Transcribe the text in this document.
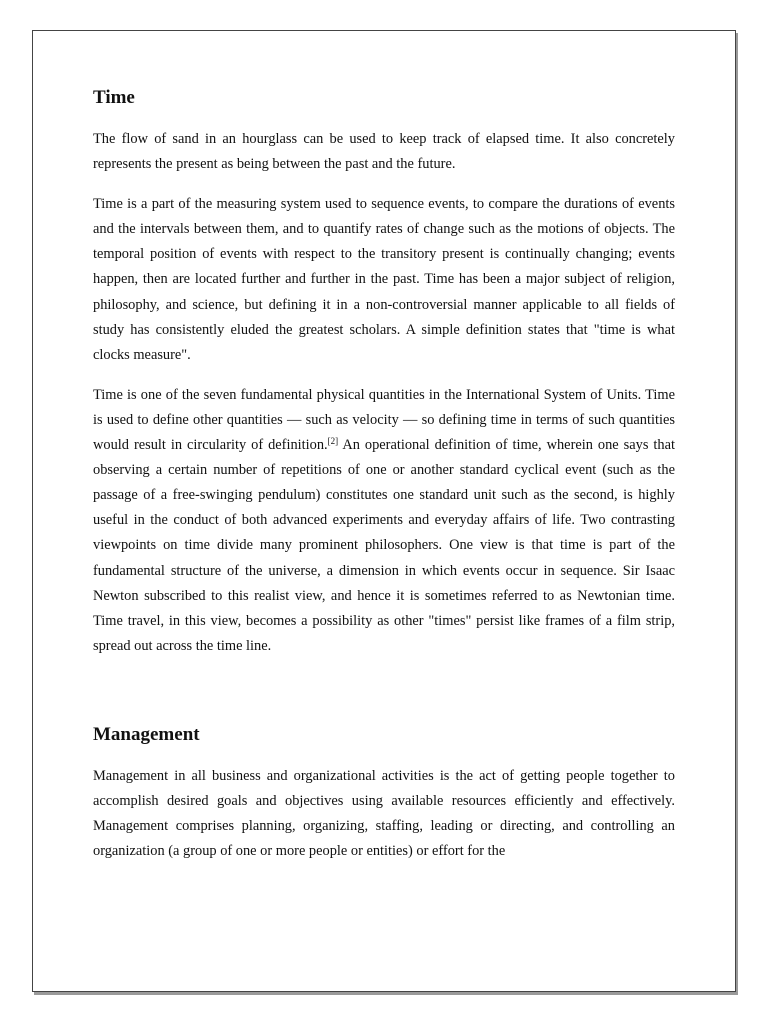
Time

The flow of sand in an hourglass can be used to keep track of elapsed time. It also concretely represents the present as being between the past and the future.

Time is a part of the measuring system used to sequence events, to compare the durations of events and the intervals between them, and to quantify rates of change such as the motions of objects. The temporal position of events with respect to the transitory present is continually changing; events happen, then are located further and further in the past. Time has been a major subject of religion, philosophy, and science, but defining it in a non-controversial manner applicable to all fields of study has consistently eluded the greatest scholars. A simple definition states that "time is what clocks measure".

Time is one of the seven fundamental physical quantities in the International System of Units. Time is used to define other quantities — such as velocity — so defining time in terms of such quantities would result in circularity of definition.[2] An operational definition of time, wherein one says that observing a certain number of repetitions of one or another standard cyclical event (such as the passage of a free-swinging pendulum) constitutes one standard unit such as the second, is highly useful in the conduct of both advanced experiments and everyday affairs of life. Two contrasting viewpoints on time divide many prominent philosophers. One view is that time is part of the fundamental structure of the universe, a dimension in which events occur in sequence. Sir Isaac Newton subscribed to this realist view, and hence it is sometimes referred to as Newtonian time. Time travel, in this view, becomes a possibility as other "times" persist like frames of a film strip, spread out across the time line.

Management

Management in all business and organizational activities is the act of getting people together to accomplish desired goals and objectives using available resources efficiently and effectively. Management comprises planning, organizing, staffing, leading or directing, and controlling an organization (a group of one or more people or entities) or effort for the
